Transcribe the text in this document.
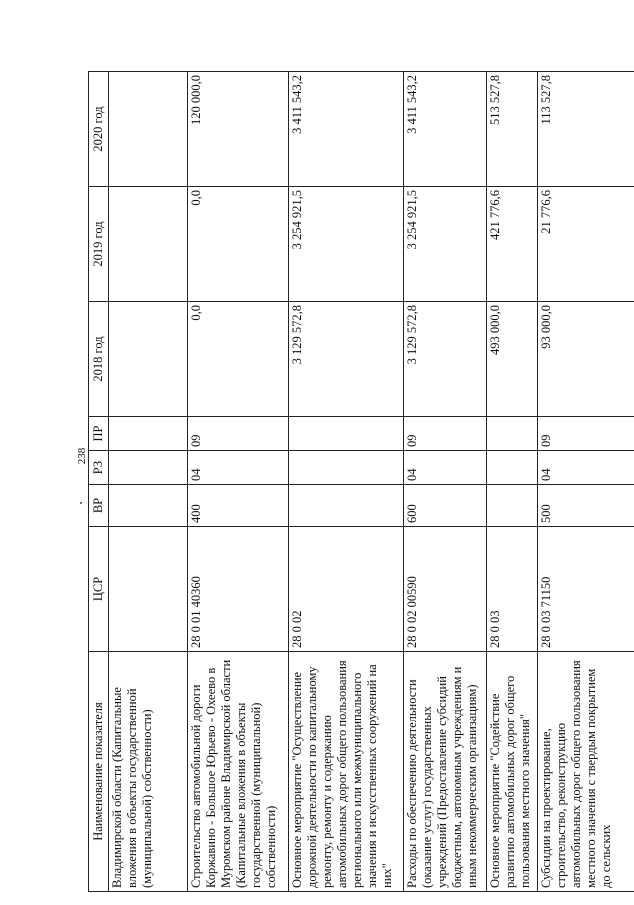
238
Наименование показателя	ЦСР	ВР	РЗ	ПР	2018 год	2019 год	2020 год
Владимирской области (Капитальные вложения в объекты государственной (муниципальной) собственности)							
Строительство автомобильной дороги Коржавино - Большое Юрьево - Охеево в Муромском районе Владимирской области (Капитальные вложения в объекты государственной (муниципальной) собственности)	28 0 01 40360	400	04	09	0,0	0,0	120 000,0
Основное мероприятие "Осуществление дорожной деятельности по капитальному ремонту, ремонту и содержанию автомобильных дорог общего пользования регионального или межмуниципального значения и искусственных сооружений на них"	28 0 02				3 129 572,8	3 254 921,5	3 411 543,2
Расходы по обеспечению деятельности (оказание услуг) государственных учреждений (Предоставление субсидий бюджетным, автономным учреждениям и иным некоммерческим организациям)	28 0 02 00590	600	04	09	3 129 572,8	3 254 921,5	3 411 543,2
Основное мероприятие "Содействие развитию автомобильных дорог общего пользования местного значения"	28 0 03				493 000,0	421 776,6	513 527,8
Субсидии на проектирование, строительство, реконструкцию автомобильных дорог общего пользования местного значения с твердым покрытием до сельских	28 0 03 71150	500	04	09	93 000,0	21 776,6	113 527,8
